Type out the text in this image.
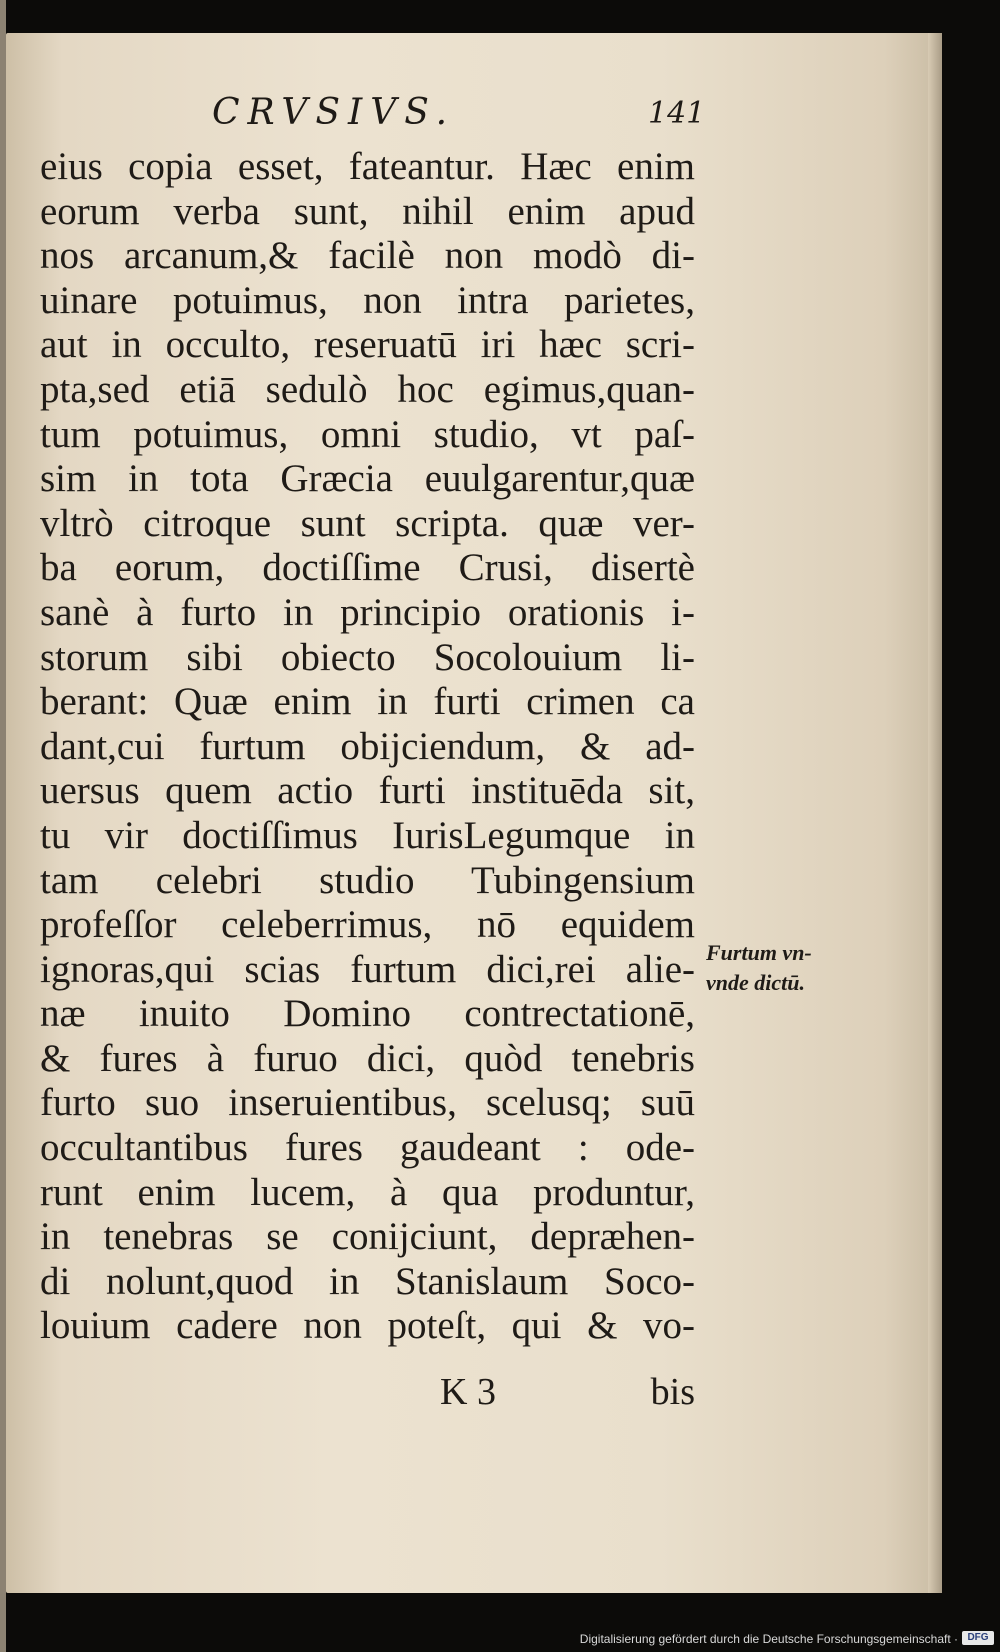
CRVSIVS.	141
eius copia esset, fateantur. Hæc enim
eorum verba sunt, nihil enim apud
nos arcanum,& facilè non modò di-
uinare potuimus, non intra parietes,
aut in occulto, reseruatū iri hæc scri-
pta,sed etiā sedulò hoc egimus,quan-
tum potuimus, omni studio, vt paſ-
sim in tota Græcia euulgarentur,quæ
vltrò citroque sunt scripta. quæ ver-
ba eorum, doctiſſime Crusi, disertè
sanè à furto in principio orationis i-
storum sibi obiecto Socolouium li-
berant: Quæ enim in furti crimen ca
dant,cui furtum obijciendum, & ad-
uersus quem actio furti instituēda sit,
tu vir doctiſſimus IurisLegumque in
tam celebri studio Tubingensium
profeſſor celeberrimus, nō equidem
ignoras,qui scias furtum dici,rei alie-
næ inuito Domino contrectationē,
& fures à furuo dici, quòd tenebris
furto suo inseruientibus, scelusq; suū
occultantibus fures gaudeant : ode-
runt enim lucem, à qua produntur,
in tenebras se conijciunt, depræhen-
di nolunt,quod in Stanislaum Soco-
louium cadere non poteſt, qui & vo-
Furtum vn-
vnde dictū.
K 3	bis
Digitalisierung gefördert durch die Deutsche Forschungsgemeinschaft · DFG
